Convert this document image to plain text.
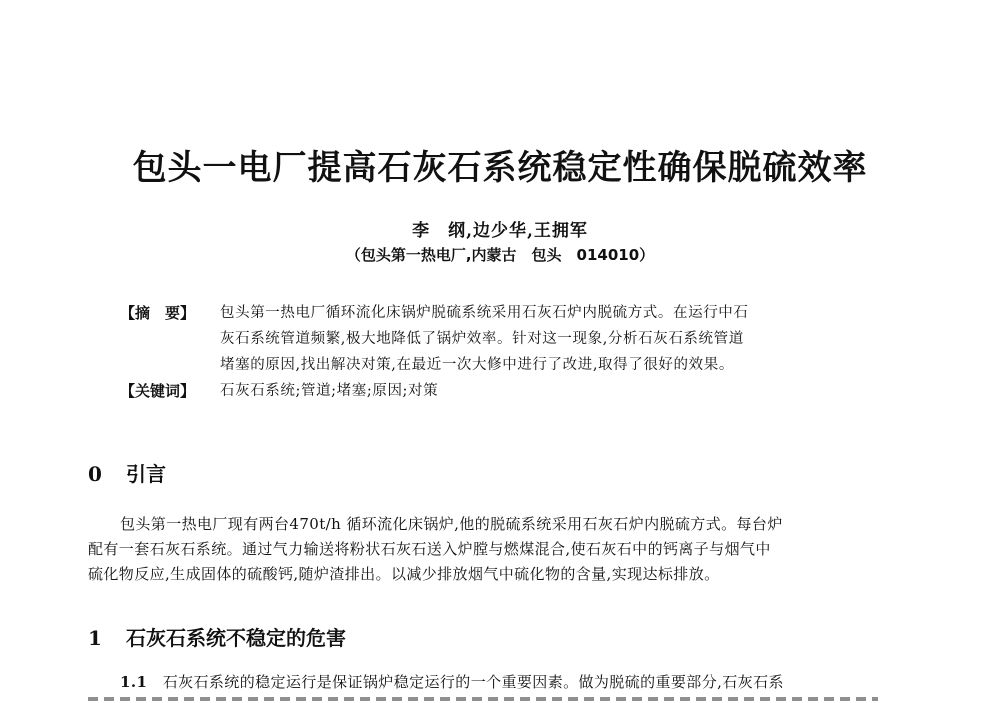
包头一电厂提高石灰石系统稳定性确保脱硫效率
李　纲,边少华,王拥军
（包头第一热电厂,内蒙古　包头　014010）
【摘　要】	包头第一热电厂循环流化床锅炉脱硫系统采用石灰石炉内脱硫方式。在运行中石
灰石系统管道频繁,极大地降低了锅炉效率。针对这一现象,分析石灰石系统管道
堵塞的原因,找出解决对策,在最近一次大修中进行了改进,取得了很好的效果。
【关键词】	石灰石系统;管道;堵塞;原因;对策
0 引言
包头第一热电厂现有两台470t/h 循环流化床锅炉,他的脱硫系统采用石灰石炉内脱硫方式。每台炉
配有一套石灰石系统。通过气力输送将粉状石灰石送入炉膛与燃煤混合,使石灰石中的钙离子与烟气中
硫化物反应,生成固体的硫酸钙,随炉渣排出。以减少排放烟气中硫化物的含量,实现达标排放。
1 石灰石系统不稳定的危害
1.1　 石灰石系统的稳定运行是保证锅炉稳定运行的一个重要因素。做为脱硫的重要部分,石灰石系
